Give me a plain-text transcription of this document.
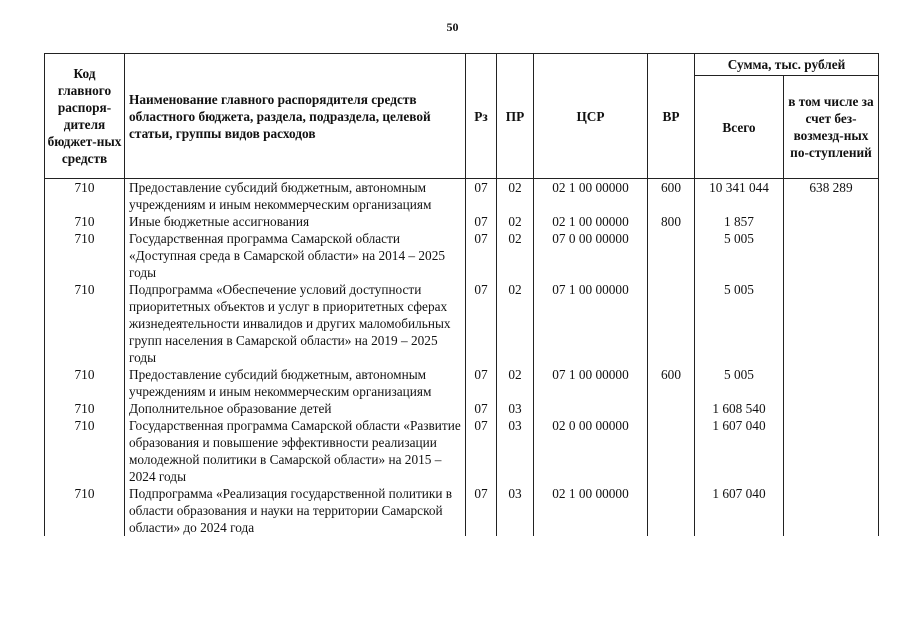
50
Код главного распоря-дителя бюджет-ных средств	Наименование главного распорядителя средств областного бюджета, раздела, подраздела, целевой статьи, группы видов расходов	Рз	ПР	ЦСР	ВР	Сумма, тыс. рублей	
						Всего	в том числе за счет без-возмезд-ных по-ступлений
710	Предоставление субсидий бюджетным, автономным учреждениям и иным некоммерческим организациям	07	02	02 1 00 00000	600	10 341 044	638 289
710	Иные бюджетные ассигнования	07	02	02 1 00 00000	800	1 857	
710	Государственная программа Самарской области «Доступная среда в Самарской области» на 2014 – 2025 годы	07	02	07 0 00 00000		5 005	
710	Подпрограмма «Обеспечение условий доступности приоритетных объектов и услуг в приоритетных сферах жизнедеятельности инвалидов и других маломобильных групп населения в Самарской области» на 2019 – 2025 годы	07	02	07 1 00 00000		5 005	
710	Предоставление субсидий бюджетным, автономным учреждениям и иным некоммерческим организациям	07	02	07 1 00 00000	600	5 005	
710	Дополнительное образование детей	07	03			1 608 540	
710	Государственная программа Самарской области «Развитие образования и повышение эффективности реализации молодежной политики в Самарской области» на 2015 – 2024 годы	07	03	02 0 00 00000		1 607 040	
710	Подпрограмма «Реализация государственной политики в области образования и науки на территории Самарской области» до 2024 года	07	03	02 1 00 00000		1 607 040	
